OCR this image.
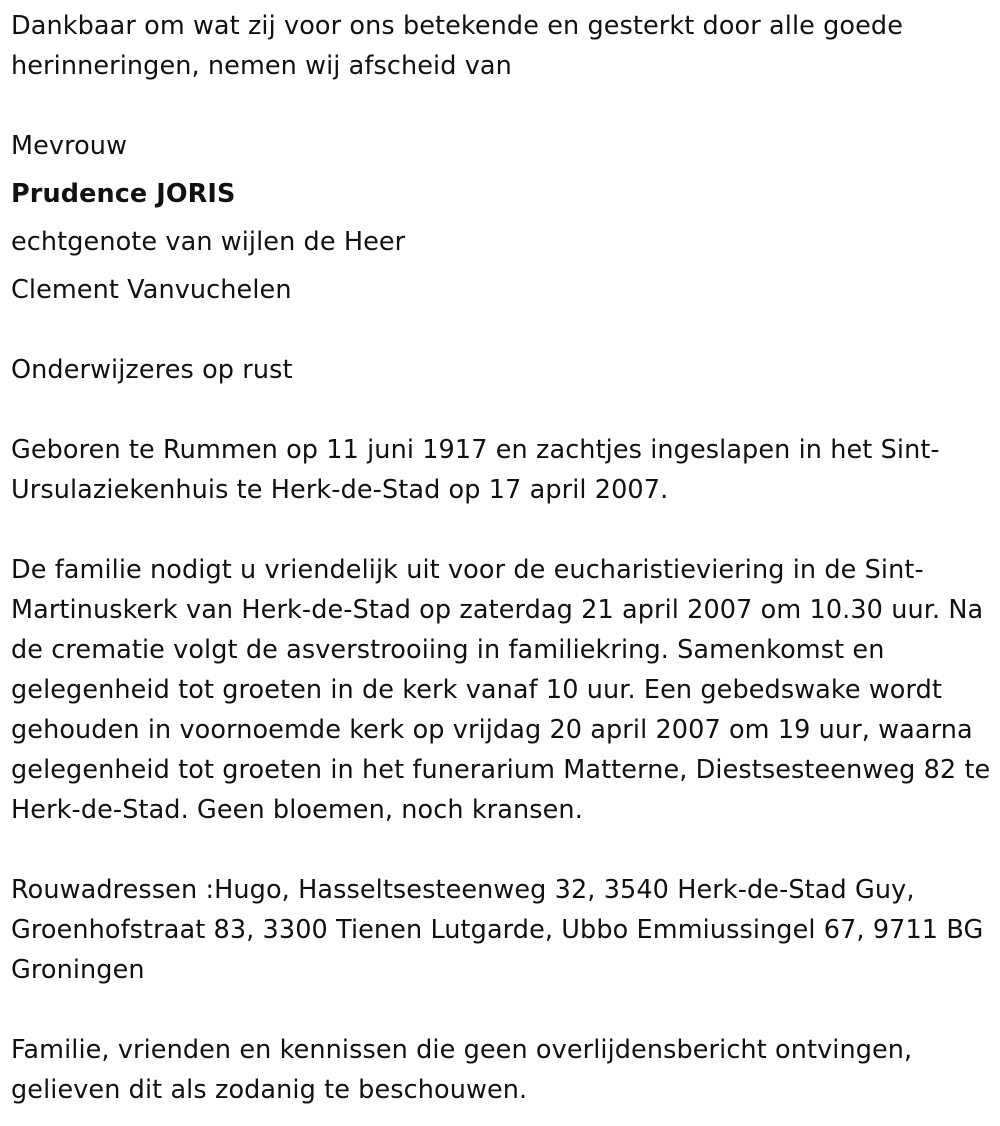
Dankbaar om wat zij voor ons betekende en gesterkt door alle goede herinneringen, nemen wij afscheid van

Mevrouw

Prudence JORIS

echtgenote van wijlen de Heer

Clement Vanvuchelen

Onderwijzeres op rust

Geboren te Rummen op 11 juni 1917 en zachtjes ingeslapen in het Sint-Ursulaziekenhuis te Herk-de-Stad op 17 april 2007.

De familie nodigt u vriendelijk uit voor de eucharistieviering in de Sint-Martinuskerk van Herk-de-Stad op zaterdag 21 april 2007 om 10.30 uur. Na de crematie volgt de asverstrooiing in familiekring. Samenkomst en gelegenheid tot groeten in de kerk vanaf 10 uur. Een gebedswake wordt gehouden in voornoemde kerk op vrijdag 20 april 2007 om 19 uur, waarna gelegenheid tot groeten in het funerarium Matterne, Diestsesteenweg 82 te Herk-de-Stad. Geen bloemen, noch kransen.

Rouwadressen :Hugo, Hasseltsesteenweg 32, 3540 Herk-de-Stad Guy, Groenhofstraat 83, 3300 Tienen Lutgarde, Ubbo Emmiussingel 67, 9711 BG Groningen

Familie, vrienden en kennissen die geen overlijdensbericht ontvingen, gelieven dit als zodanig te beschouwen.
